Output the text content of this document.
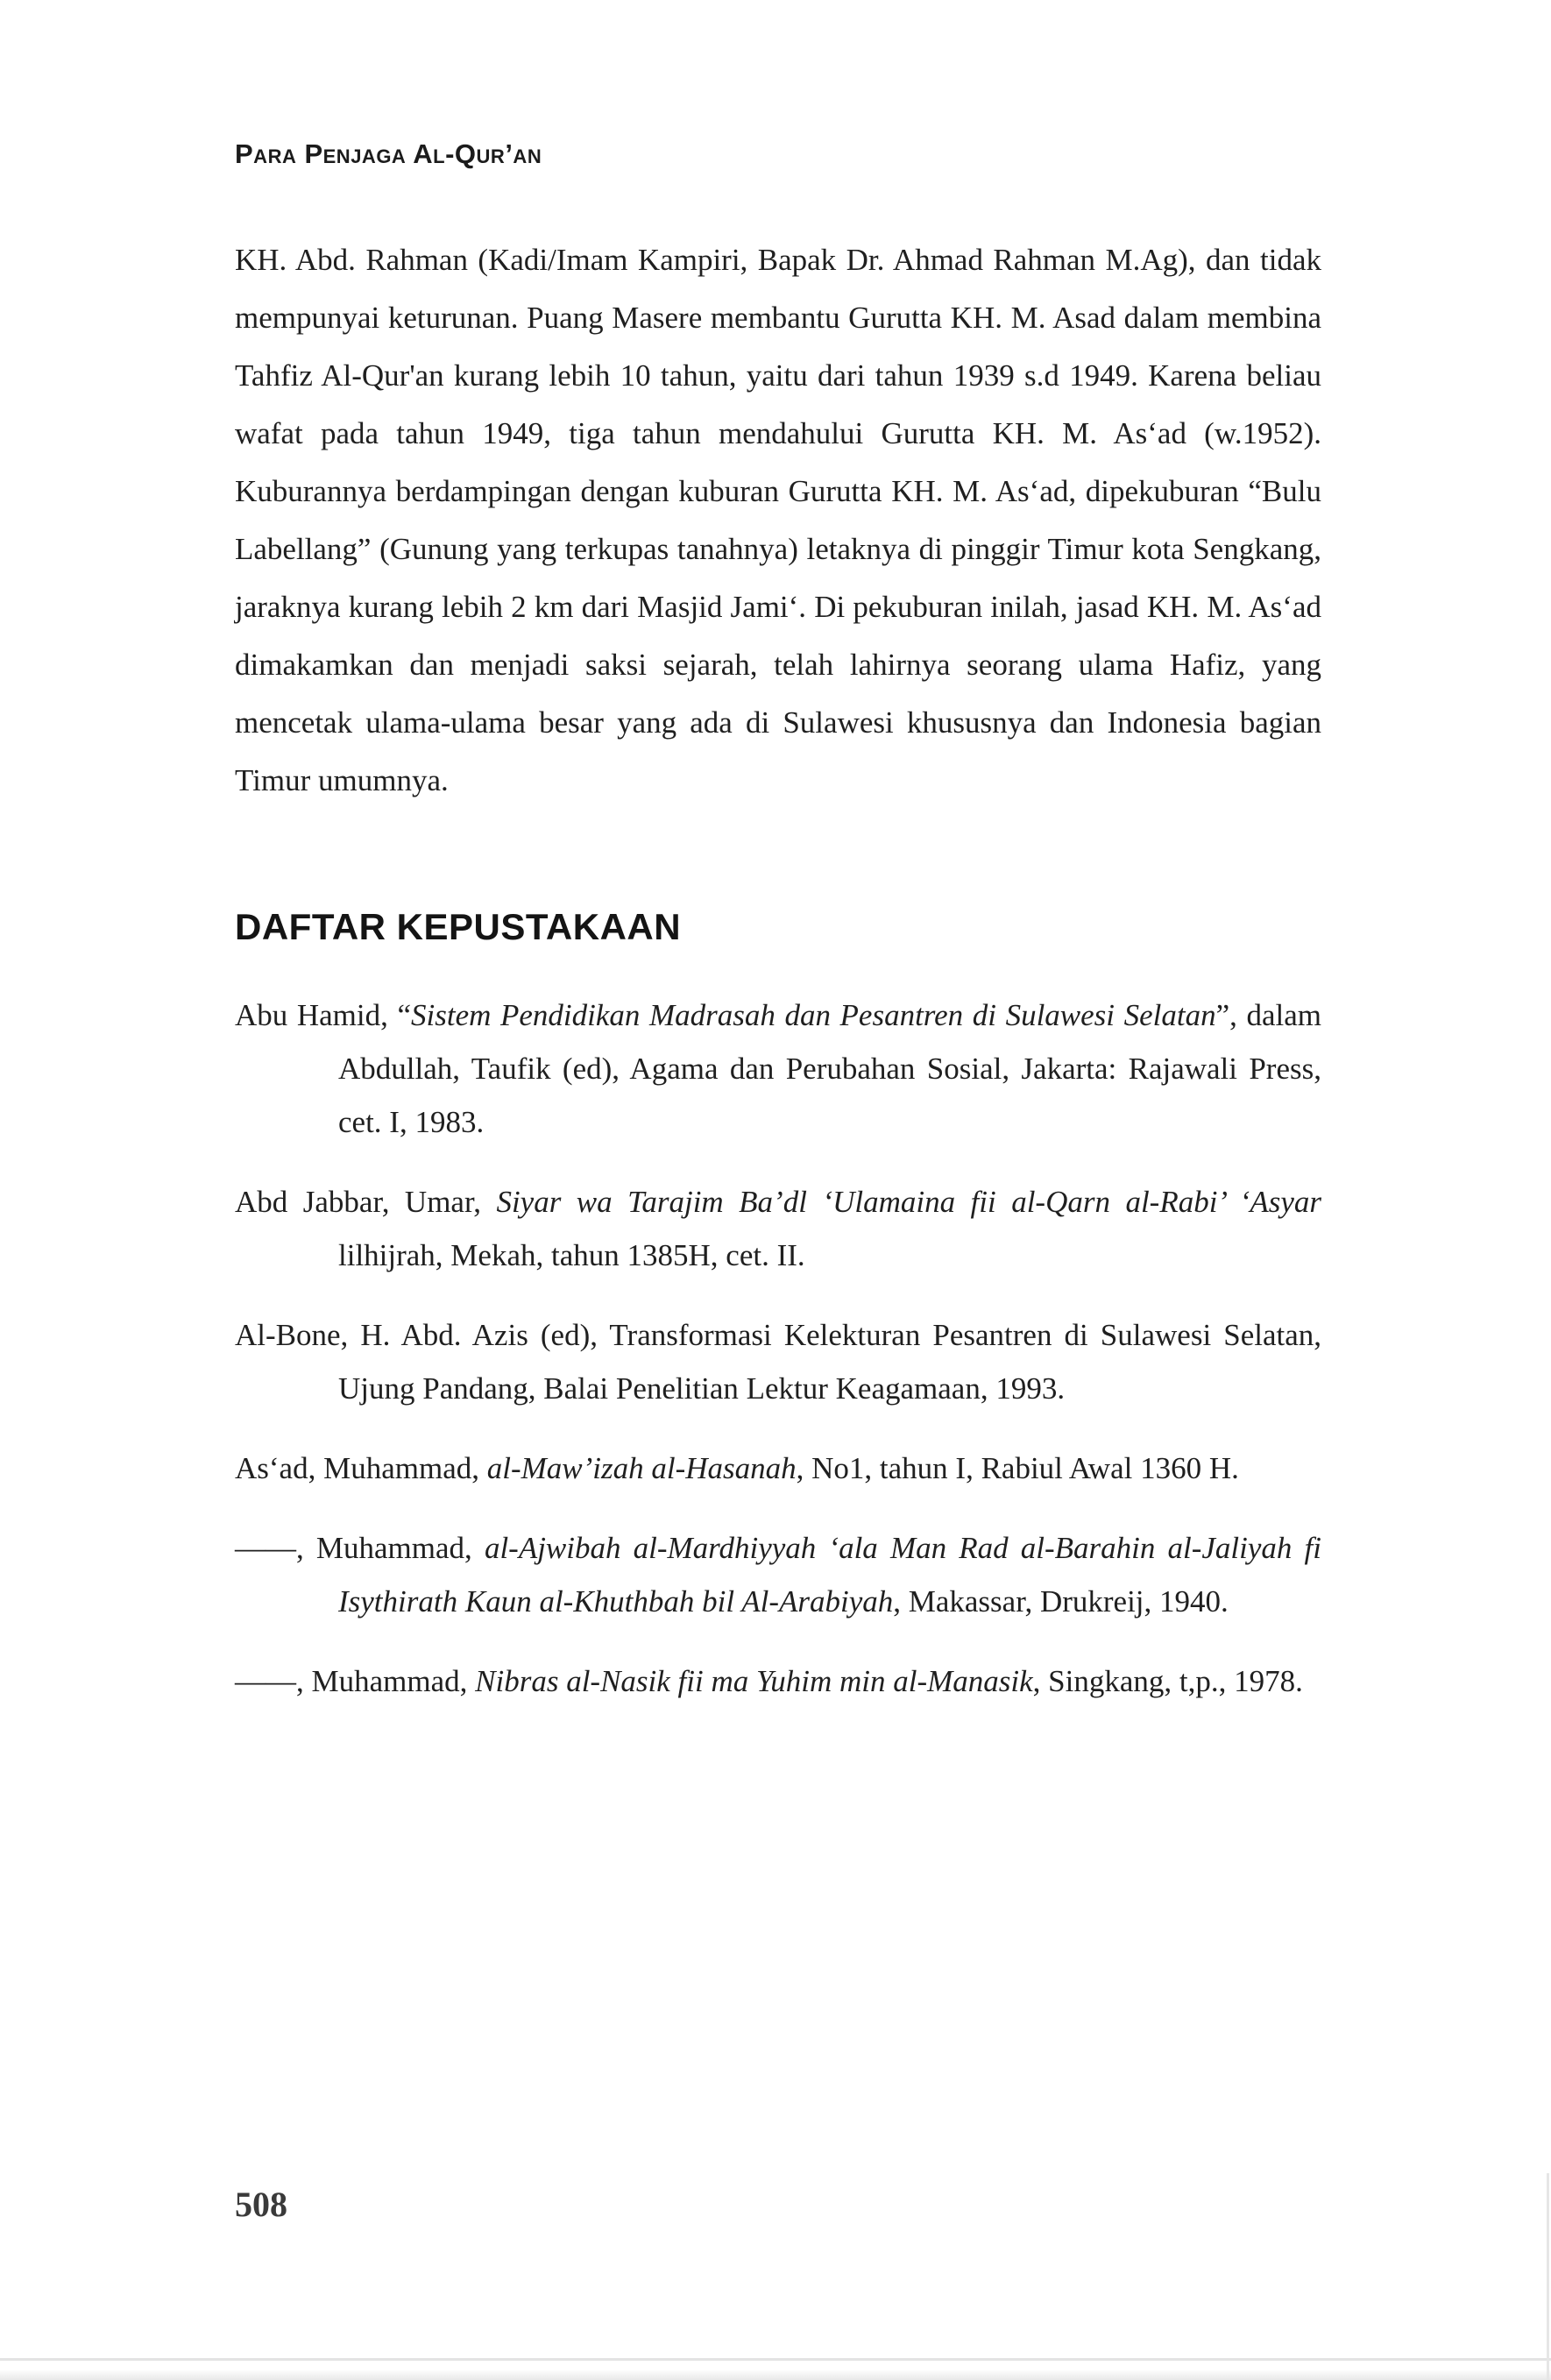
Para Penjaga Al-Qur’an

KH. Abd. Rahman (Kadi/Imam Kampiri, Bapak Dr. Ahmad Rahman M.Ag), dan tidak mempunyai keturunan. Puang Masere membantu Gurutta KH. M. Asad dalam membina Tahfiz Al-Qur'an kurang lebih 10 tahun, yaitu dari tahun 1939 s.d 1949. Karena beliau wafat pada tahun 1949, tiga tahun mendahului Gurutta KH. M. As‘ad (w.1952). Kuburannya berdampingan dengan kuburan Gurutta KH. M. As‘ad, dipekuburan “Bulu Labellang” (Gunung yang terkupas tanahnya) letaknya di pinggir Timur kota Sengkang, jaraknya kurang lebih 2 km dari Masjid Jami‘. Di pekuburan inilah, jasad KH. M. As‘ad dimakamkan dan menjadi saksi sejarah, telah lahirnya seorang ulama Hafiz, yang mencetak ulama-ulama besar yang ada di Sulawesi khususnya dan Indonesia bagian Timur umumnya.

DAFTAR KEPUSTAKAAN

Abu Hamid, “Sistem Pendidikan Madrasah dan Pesantren di Sulawesi Selatan”, dalam Abdullah, Taufik (ed), Agama dan Perubahan Sosial, Jakarta: Rajawali Press, cet. I, 1983.

Abd Jabbar, Umar, Siyar wa Tarajim Ba’dl ‘Ulamaina fii al-Qarn al-Rabi’ ‘Asyar lilhijrah, Mekah, tahun 1385H, cet. II.

Al-Bone, H. Abd. Azis (ed), Transformasi Kelekturan Pesantren di Sulawesi Selatan, Ujung Pandang, Balai Penelitian Lektur Keagamaan, 1993.

As‘ad, Muhammad, al-Maw’izah al-Hasanah, No1, tahun I, Rabiul Awal 1360 H.

——, Muhammad, al-Ajwibah al-Mardhiyyah ‘ala Man Rad al-Barahin al-Jaliyah fi Isythirath Kaun al-Khuthbah bil Al-Arabiyah, Makassar, Drukreij, 1940.

——, Muhammad, Nibras al-Nasik fii ma Yuhim min al-Manasik, Singkang, t,p., 1978.

508
